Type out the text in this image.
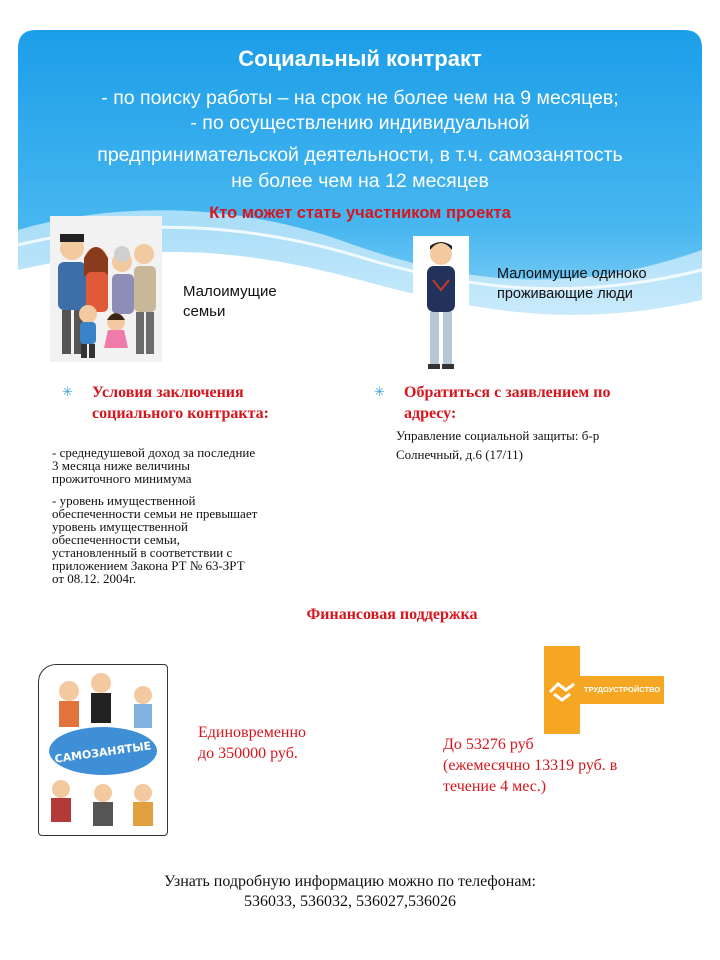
Социальный контракт
- по поиску работы – на срок не более чем на 9 месяцев;
- по осуществлению индивидуальной
предпринимательской деятельности, в т.ч. самозанятость
не более чем на 12 месяцев
Кто может стать участником проекта
Малоимущие
семьи
Малоимущие одиноко
проживающие люди
✳ Условия заключения
социального контракта:
- среднедушевой доход за последние
3 месяца ниже величины
прожиточного минимума
- уровень имущественной
обеспеченности семьи не превышает
уровень имущественной
обеспеченности семьи,
установленный в соответствии с
приложением Закона РТ № 63-ЗРТ
от 08.12. 2004г.
✳ Обратиться с заявлением по
адресу:
Управление социальной защиты: б-р
Солнечный, д.6 (17/11)
Финансовая поддержка
САМОЗАНЯТЫЕ
Единовременно
до 350000 руб.
ТРУДОУСТРОЙСТВО
До 53276 руб
(ежемесячно 13319 руб. в
течение 4 мес.)
Узнать подробную информацию можно по телефонам:
536033, 536032, 536027,536026
